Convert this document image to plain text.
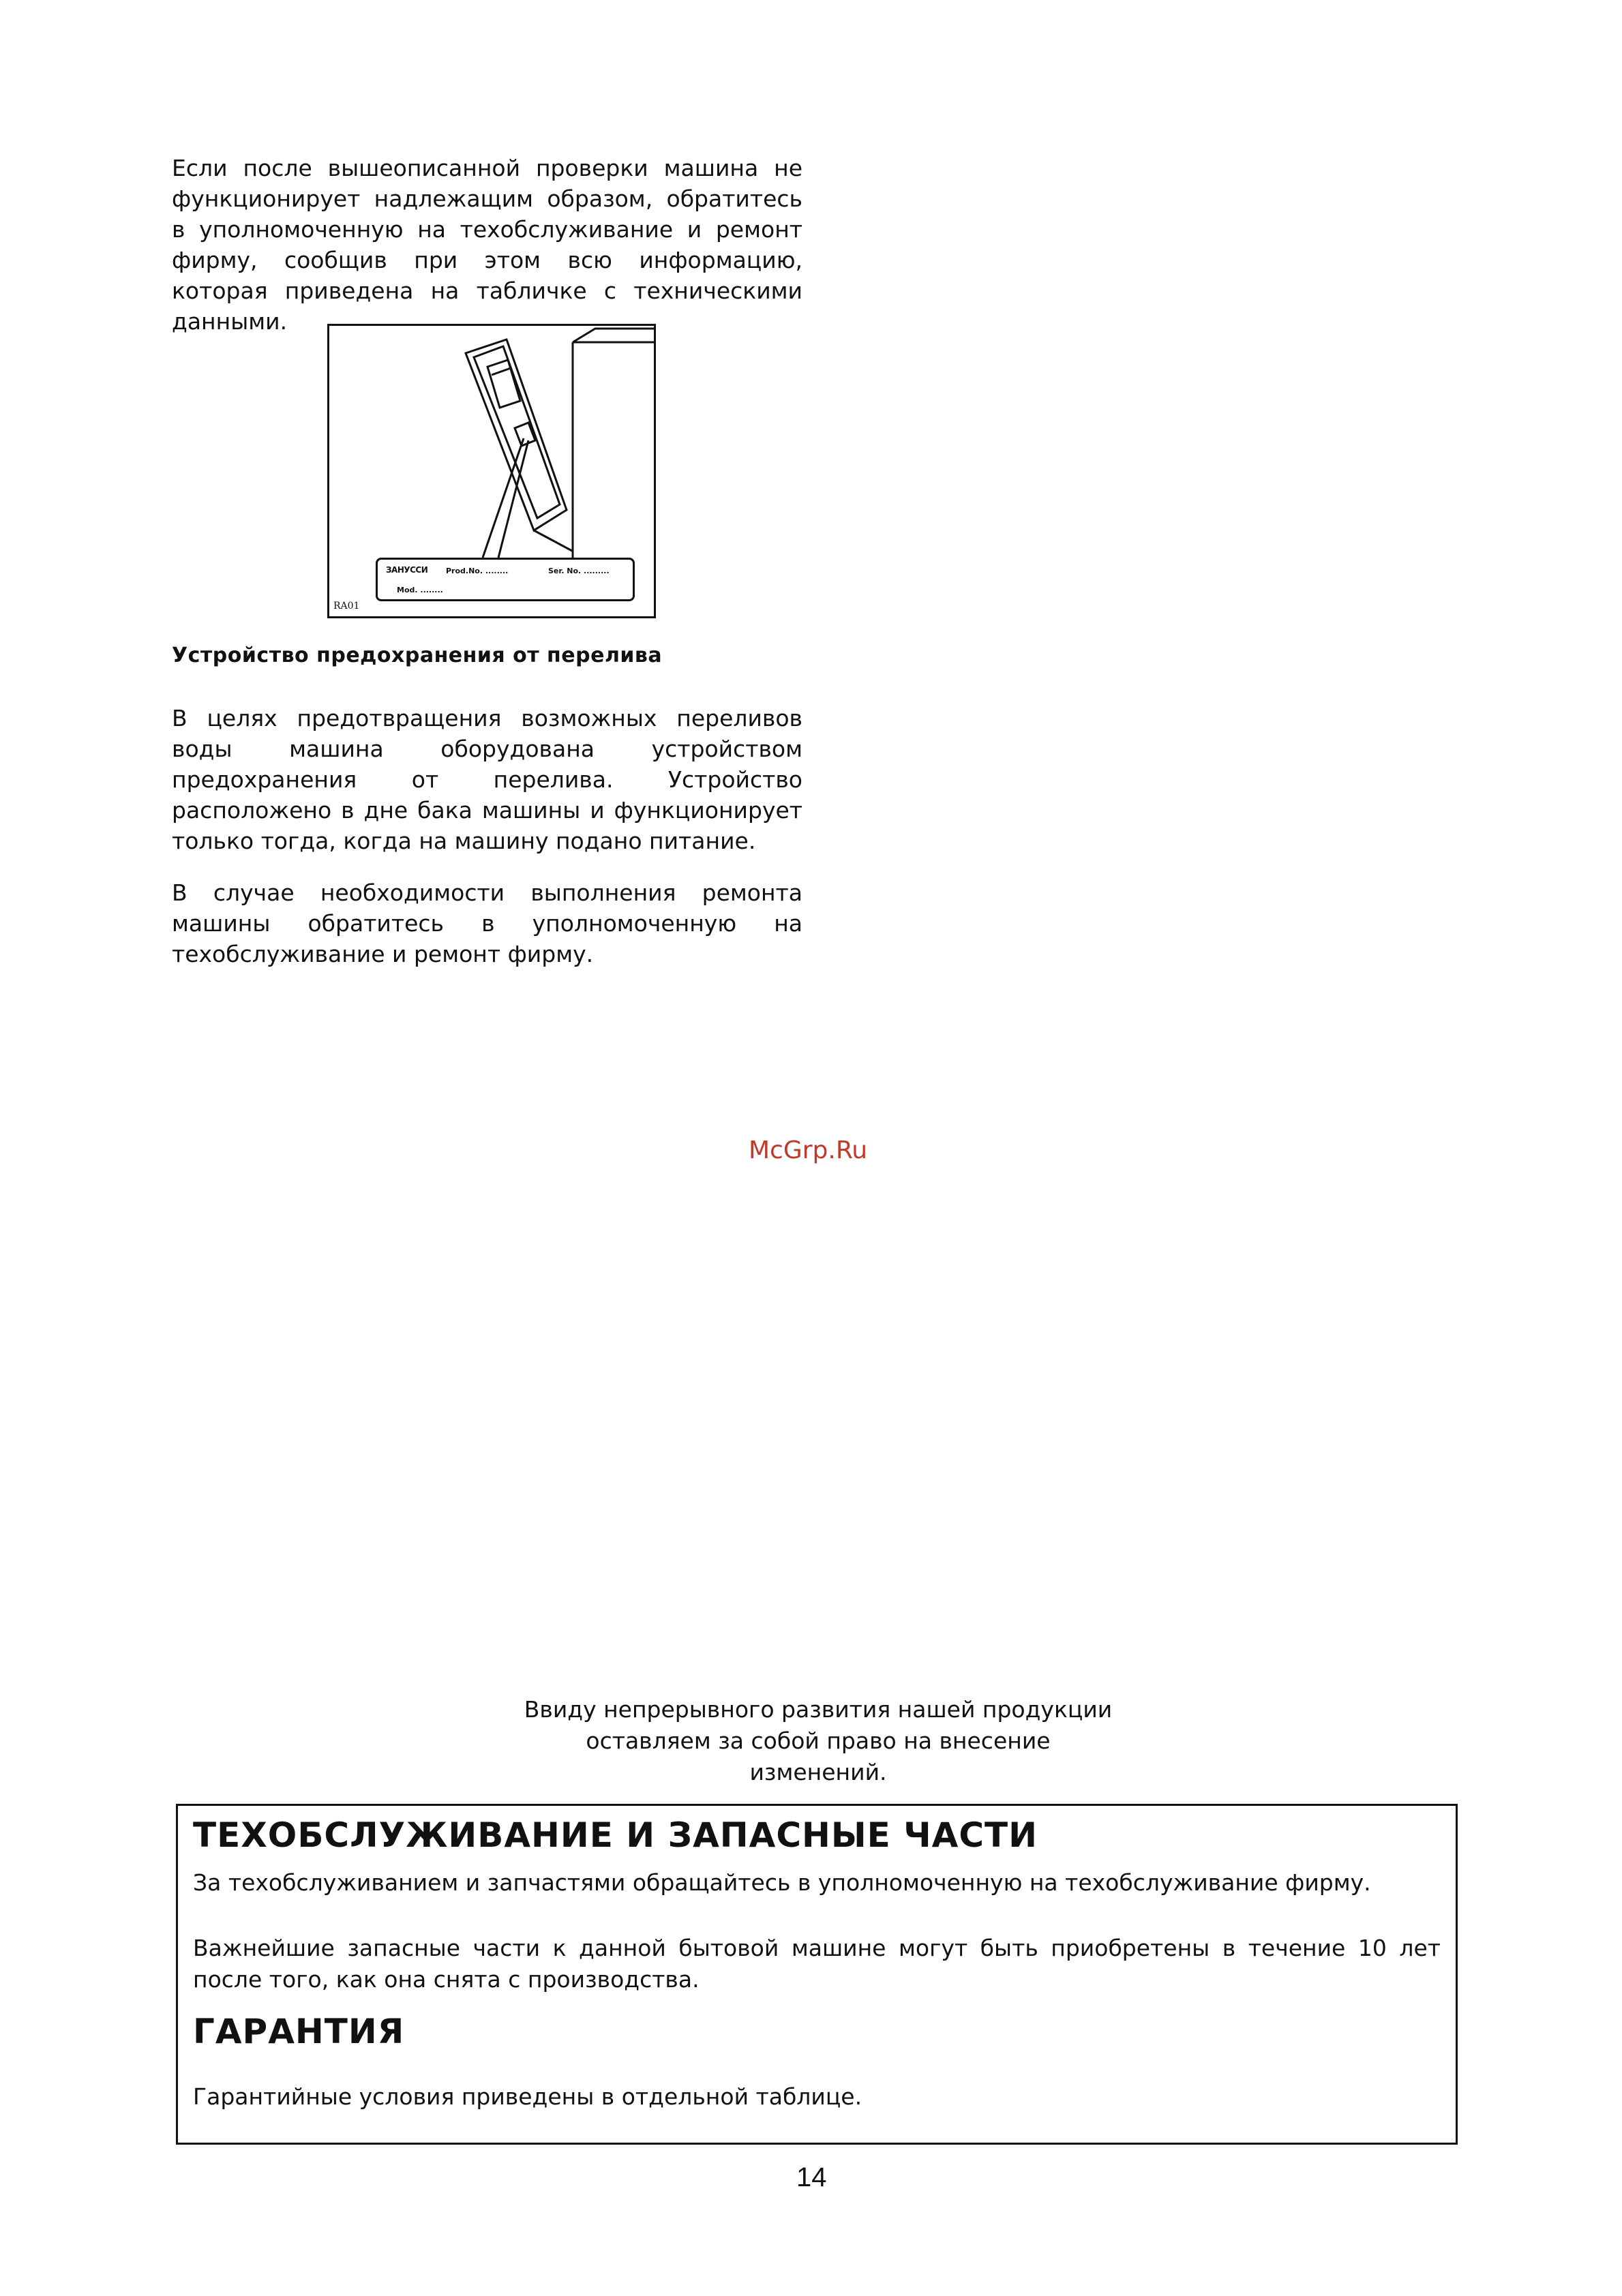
Если после вышеописанной проверки машина не функционирует надлежащим образом, обратитесь в уполномоченную на техобслуживание и ремонт фирму, сообщив при этом всю информацию, которая приведена на табличке с техническими данными.

ЗАНУССИ Prod.No. ........	Ser. No. .........
Mod. ........
RA01
Устройство предохранения от перелива

В целях предотвращения возможных переливов воды машина оборудована устройством предохранения от перелива. Устройство расположено в дне бака машины и функционирует только тогда, когда на машину подано питание.

В случае необходимости выполнения ремонта машины обратитесь в уполномоченную на техобслуживание и ремонт фирму.

McGrp.Ru

Ввиду непрерывного развития нашей продукции оставляем за собой право на внесение изменений.

ТЕХОБСЛУЖИВАНИЕ И ЗАПАСНЫЕ ЧАСТИ

За техобслуживанием и запчастями обращайтесь в уполномоченную на техобслуживание фирму.

Важнейшие запасные части к данной бытовой машине могут быть приобретены в течение 10 лет после того, как она снята с производства.

ГАРАНТИЯ

Гарантийные условия приведены в отдельной таблице.

14
